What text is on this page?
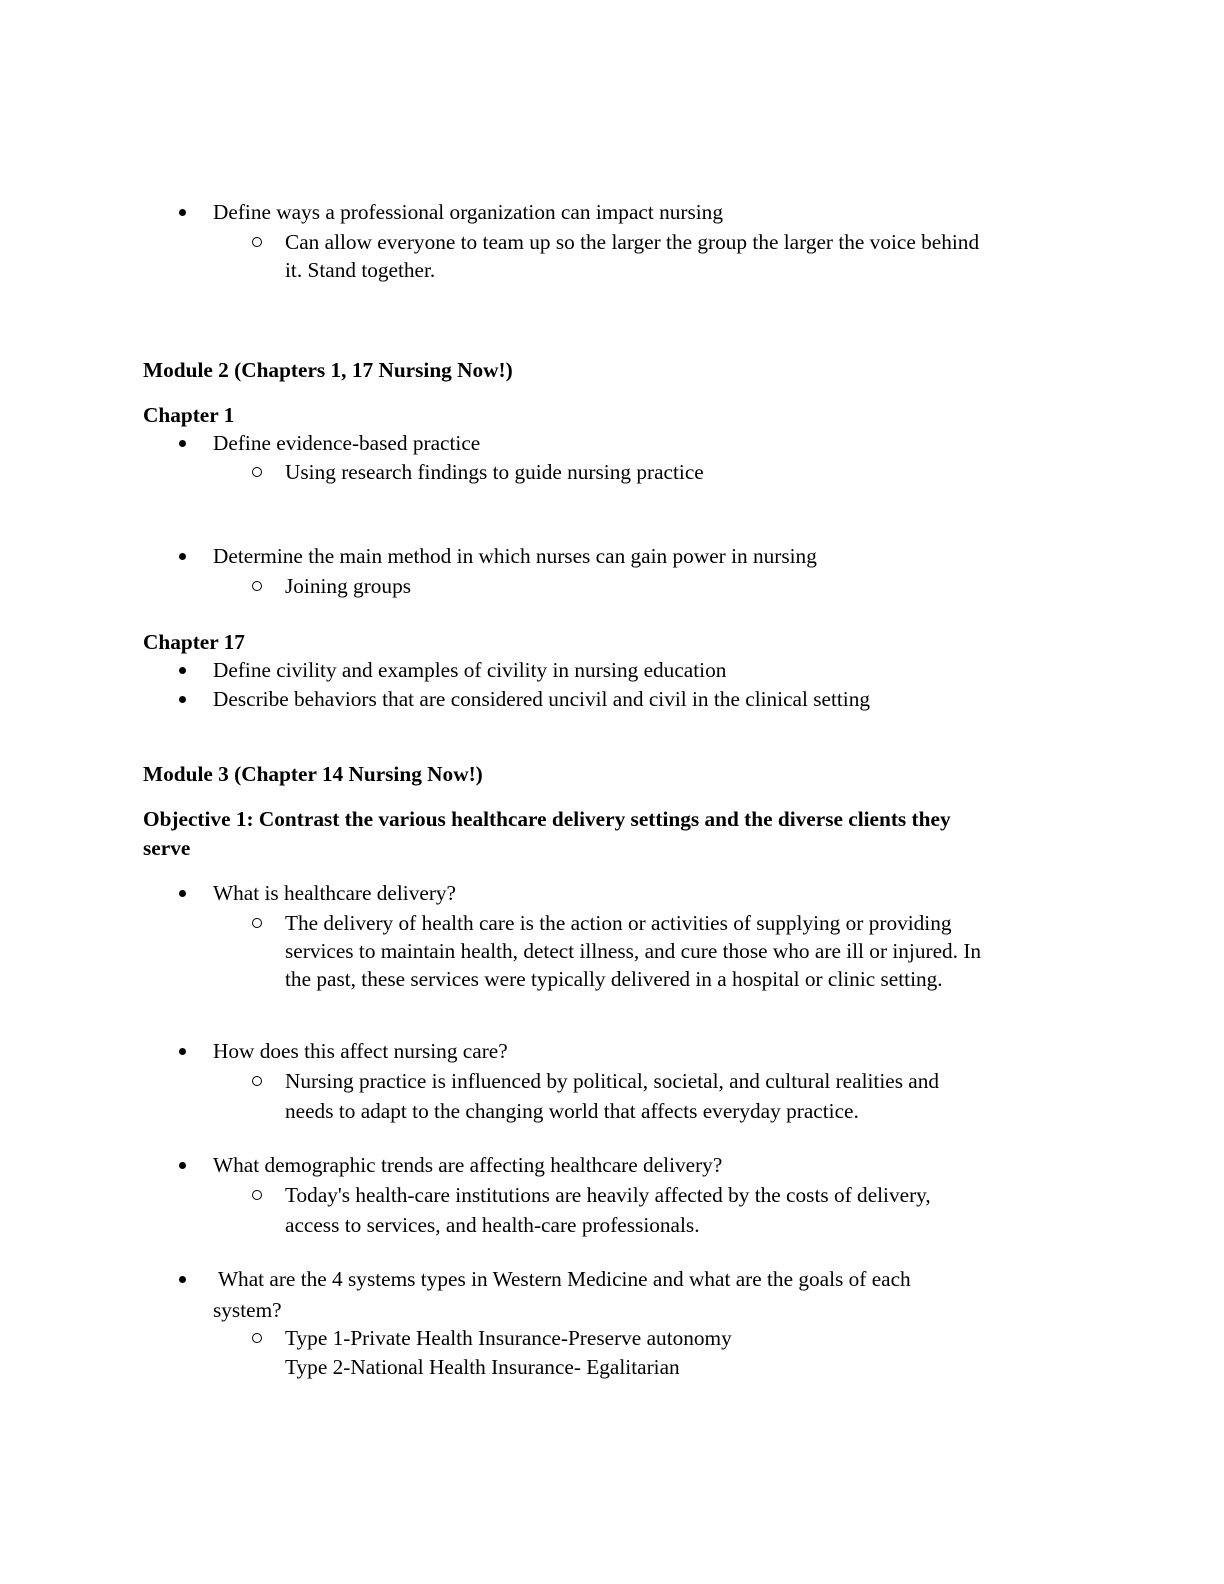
Define ways a professional organization can impact nursing
Can allow everyone to team up so the larger the group the larger the voice behind
it. Stand together.
Module 2 (Chapters 1, 17 Nursing Now!)
Chapter 1
Define evidence-based practice
Using research findings to guide nursing practice
Determine the main method in which nurses can gain power in nursing
Joining groups
Chapter 17
Define civility and examples of civility in nursing education
Describe behaviors that are considered uncivil and civil in the clinical setting
Module 3 (Chapter 14 Nursing Now!)
Objective 1: Contrast the various healthcare delivery settings and the diverse clients they
serve
What is healthcare delivery?
The delivery of health care is the action or activities of supplying or providing
services to maintain health, detect illness, and cure those who are ill or injured. In
the past, these services were typically delivered in a hospital or clinic setting.
How does this affect nursing care?
Nursing practice is influenced by political, societal, and cultural realities and
needs to adapt to the changing world that affects everyday practice.
What demographic trends are affecting healthcare delivery?
Today's health-care institutions are heavily affected by the costs of delivery,
access to services, and health-care professionals.
What are the 4 systems types in Western Medicine and what are the goals of each
system?
Type 1-Private Health Insurance-Preserve autonomy
Type 2-National Health Insurance- Egalitarian
